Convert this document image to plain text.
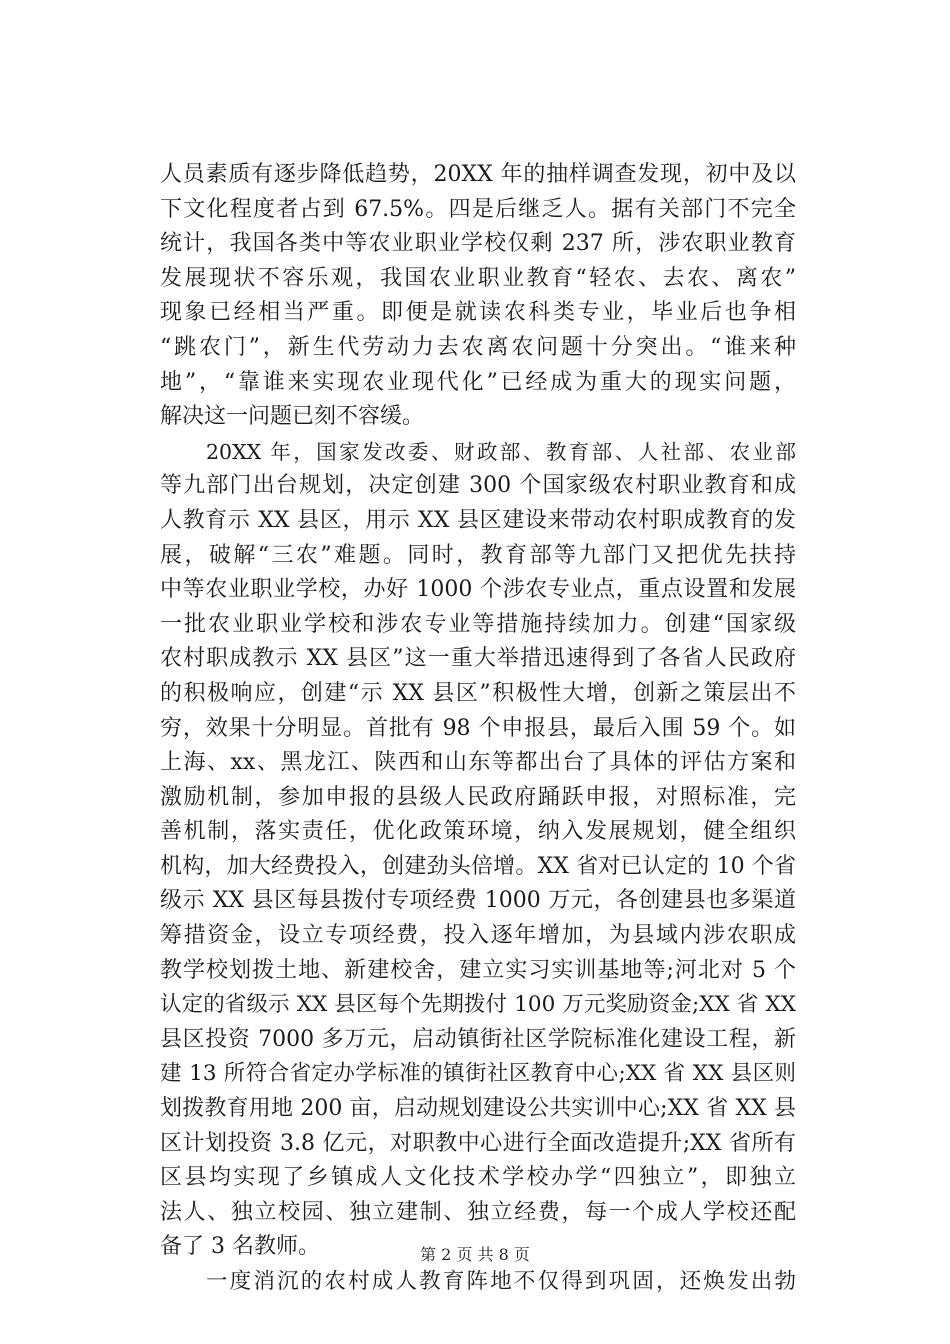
人员素质有逐步降低趋势，20XX 年的抽样调查发现，初中及以
下文化程度者占到 67.5%。四是后继乏人。据有关部门不完全
统计，我国各类中等农业职业学校仅剩 237 所，涉农职业教育
发展现状不容乐观，我国农业职业教育“轻农、去农、离农”
现象已经相当严重。即便是就读农科类专业，毕业后也争相
“跳农门”，新生代劳动力去农离农问题十分突出。“谁来种
地”，“靠谁来实现农业现代化”已经成为重大的现实问题，
解决这一问题已刻不容缓。
20XX 年，国家发改委、财政部、教育部、人社部、农业部
等九部门出台规划，决定创建 300 个国家级农村职业教育和成
人教育示 XX 县区，用示 XX 县区建设来带动农村职成教育的发
展，破解“三农”难题。同时，教育部等九部门又把优先扶持
中等农业职业学校，办好 1000 个涉农专业点，重点设置和发展
一批农业职业学校和涉农专业等措施持续加力。创建“国家级
农村职成教示 XX 县区”这一重大举措迅速得到了各省人民政府
的积极响应，创建“示 XX 县区”积极性大增，创新之策层出不
穷，效果十分明显。首批有 98 个申报县，最后入围 59 个。如
上海、xx、黑龙江、陕西和山东等都出台了具体的评估方案和
激励机制，参加申报的县级人民政府踊跃申报，对照标准，完
善机制，落实责任，优化政策环境，纳入发展规划，健全组织
机构，加大经费投入，创建劲头倍增。XX 省对已认定的 10 个省
级示 XX 县区每县拨付专项经费 1000 万元，各创建县也多渠道
筹措资金，设立专项经费，投入逐年增加，为县域内涉农职成
教学校划拨土地、新建校舍，建立实习实训基地等;河北对 5 个
认定的省级示 XX 县区每个先期拨付 100 万元奖励资金;XX 省 XX
县区投资 7000 多万元，启动镇街社区学院标准化建设工程，新
建 13 所符合省定办学标准的镇街社区教育中心;XX 省 XX 县区则
划拨教育用地 200 亩，启动规划建设公共实训中心;XX 省 XX 县
区计划投资 3.8 亿元，对职教中心进行全面改造提升;XX 省所有
区县均实现了乡镇成人文化技术学校办学“四独立”，即独立
法人、独立校园、独立建制、独立经费，每一个成人学校还配
备了 3 名教师。
一度消沉的农村成人教育阵地不仅得到巩固，还焕发出勃
第 2 页 共 8 页
